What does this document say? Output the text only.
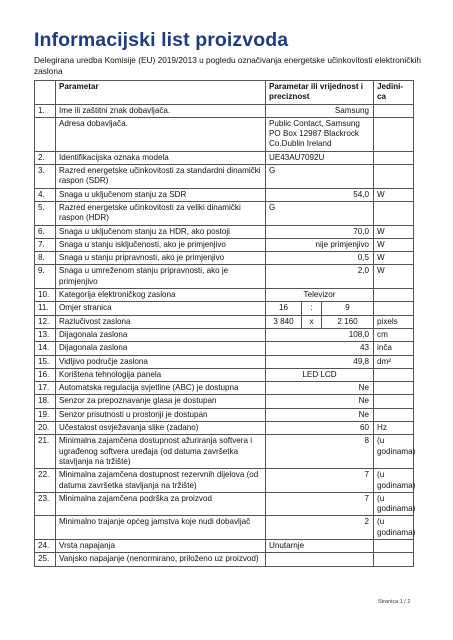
Informacijski list proizvoda
Delegirana uredba Komisije (EU) 2019/2013 u pogledu označivanja energetske učinkovitosti elektroničkih zaslona
	Parametar	Parametar ili vrijednost i preciznost			Jedini-ca
1.	Ime ili zaštitni znak dobavljača.	Samsung			
	Adresa dobavljača.	Public Contact, Samsung PO Box 12987 Blackrock Co.Dublin Ireland			
2.	Identifikacijska oznaka modela	UE43AU7092U			
3.	Razred energetske učinkovitosti za standardni dinamički raspon (SDR)	G			
4.	Snaga u uključenom stanju za SDR	54,0			W
5.	Razred energetske učinkovitosti za veliki dinamički raspon (HDR)	G			
6.	Snaga u uključenom stanju za HDR, ako postoji	70,0			W
7.	Snaga u stanju isključenosti, ako je primjenjivo	nije primjenjivo			W
8.	Snaga u stanju pripravnosti, ako je primjenjivo	0,5			W
9.	Snaga u umreženom stanju pripravnosti, ako je primjenjivo	2,0			W
10.	Kategorija elektroničkog zaslona	Televizor			
11.	Omjer stranica	16	:	9	
12.	Razlučivost zaslona	3 840	x	2 160	pixels
13.	Dijagonala zaslona	108,0			cm
14.	Dijagonala zaslona	43			inča
15.	Vidljivo područje zaslona	49,8			dm²
16.	Korištena tehnologija panela	LED LCD			
17.	Automatska regulacija svjetline (ABC) je dostupna	Ne			
18.	Senzor za prepoznavanje glasa je dostupan	Ne			
19.	Senzor prisutnosti u prostoriji je dostupan	Ne			
20.	Učestalost osvježavanja slike (zadano)	60			Hz
21.	Minimalna zajamčena dostupnost ažuriranja softvera i ugrađenog softvera uređaja (od datuma završetka stavljanja na tržište)	8			(u godinama)
22.	Minimalna zajamčena dostupnost rezervnih dijelova (od datuma završetka stavljanja na tržište)	7			(u godinama)
23.	Minimalna zajamčena podrška za proizvod	7			(u godinama)
	Minimalno trajanje općeg jamstva koje nudi dobavljač	2			(u godinama)
24.	Vrsta napajanja	Unutarnje			
25.	Vanjsko napajanje (nenormirano, priloženo uz proizvod)				
Stranica 1 / 2
